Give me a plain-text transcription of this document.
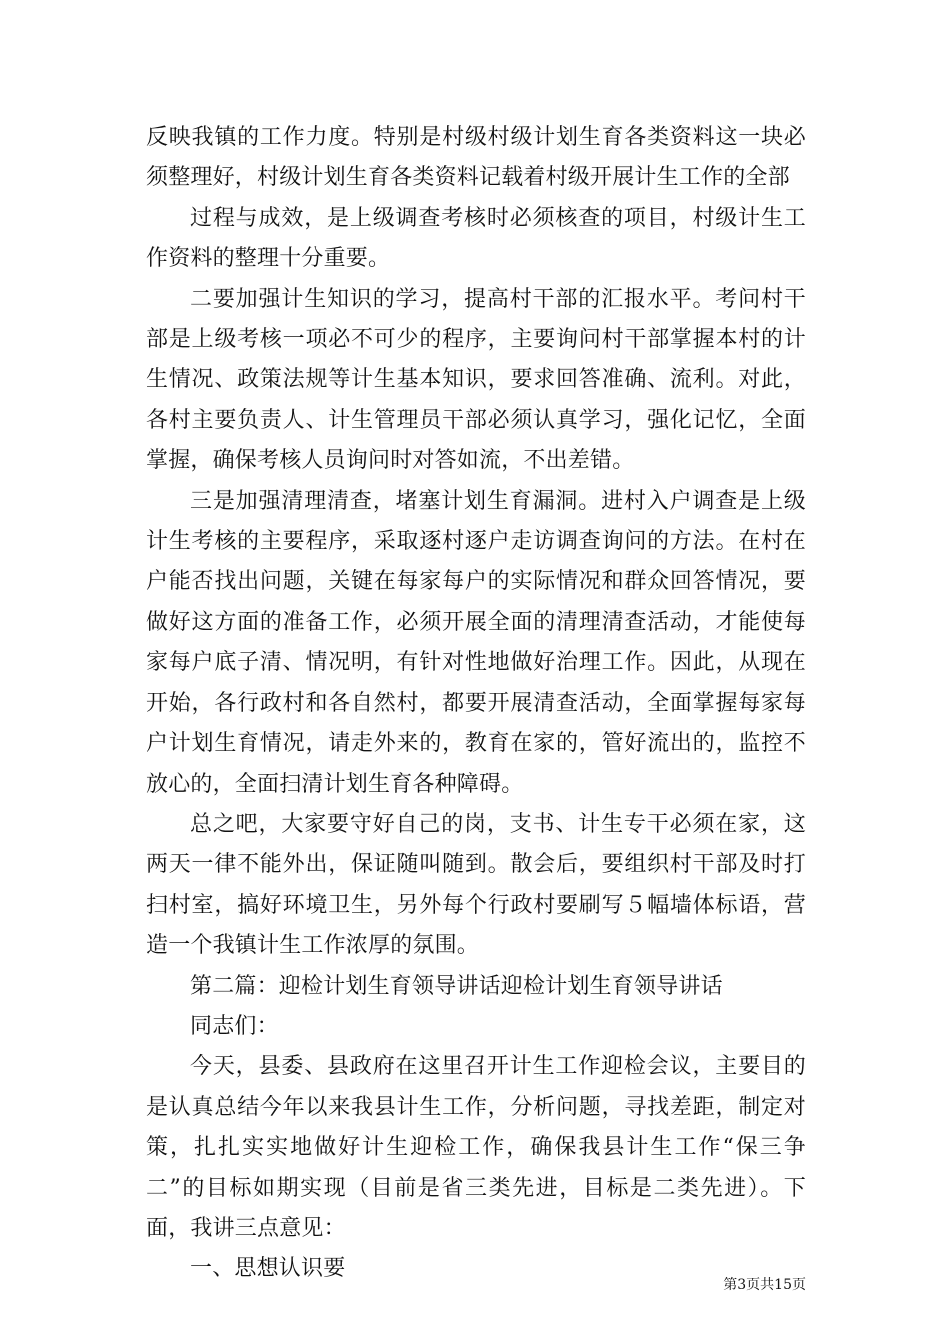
反映我镇的工作力度。特别是村级村级计划生育各类资料这一块必须整理好，村级计划生育各类资料记载着村级开展计生工作的全部

过程与成效，是上级调查考核时必须核查的项目，村级计生工作资料的整理十分重要。

二要加强计生知识的学习，提高村干部的汇报水平。考问村干部是上级考核一项必不可少的程序，主要询问村干部掌握本村的计生情况、政策法规等计生基本知识，要求回答准确、流利。对此，各村主要负责人、计生管理员干部必须认真学习，强化记忆，全面掌握，确保考核人员询问时对答如流，不出差错。

三是加强清理清查，堵塞计划生育漏洞。进村入户调查是上级计生考核的主要程序，采取逐村逐户走访调查询问的方法。在村在户能否找出问题，关键在每家每户的实际情况和群众回答情况，要做好这方面的准备工作，必须开展全面的清理清查活动，才能使每家每户底子清、情况明，有针对性地做好治理工作。因此，从现在开始，各行政村和各自然村，都要开展清查活动，全面掌握每家每户计划生育情况，请走外来的，教育在家的，管好流出的，监控不放心的，全面扫清计划生育各种障碍。

总之吧，大家要守好自己的岗，支书、计生专干必须在家，这两天一律不能外出，保证随叫随到。散会后，要组织村干部及时打扫村室，搞好环境卫生，另外每个行政村要刷写５幅墙体标语，营造一个我镇计生工作浓厚的氛围。

第二篇：迎检计划生育领导讲话迎检计划生育领导讲话

同志们：

今天，县委、县政府在这里召开计生工作迎检会议，主要目的是认真总结今年以来我县计生工作，分析问题，寻找差距，制定对策，扎扎实实地做好计生迎检工作，确保我县计生工作“保三争二”的目标如期实现（目前是省三类先进，目标是二类先进）。下面，我讲三点意见：

一、思想认识要

第3页共15页
